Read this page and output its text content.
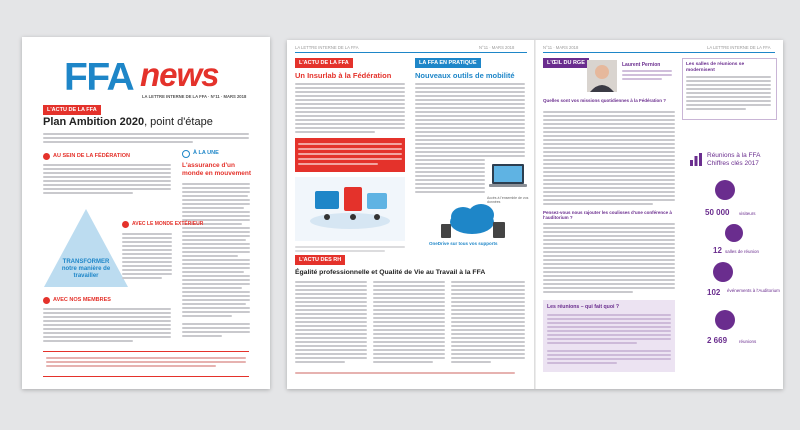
FFA news
LA LETTRE INTERNE DE LA FFA · N°11 · MARS 2018
L'ACTU DE LA FFA
Plan Ambition 2020, point d'étape
À LA UNE
L'assurance d'un monde en mouvement
AU SEIN DE LA FÉDÉRATION
TRANSFORMER notre manière de travailler
AVEC LE MONDE EXTÉRIEUR
AVEC NOS MEMBRES
LA LETTRE INTERNE DE LA FFA	N°11 · MARS 2018
L'ACTU DE LA FFA
Un Insurlab à la Fédération
LA FFA EN PRATIQUE
Nouveaux outils de mobilité
Accès à l'ensemble de vos données
OneDrive sur tous vos supports
L'ACTU DES RH
Égalité professionnelle et Qualité de Vie au Travail à la FFA
N°11 · MARS 2018	LA LETTRE INTERNE DE LA FFA
L'ŒIL DU RGE	Laurent Pernion
Quelles sont vos missions quotidiennes à la Fédération ?
Pensez-vous nous rajouter les coulisses d'une conférence à l'auditorium ?
Les réunions – qui fait quoi ?
Les salles de réunions se modernisent
Réunions à la FFA Chiffres clés 2017
50 000 visiteurs
12 salles de réunion
102 événements à l'Auditorium
2 669	réunions
